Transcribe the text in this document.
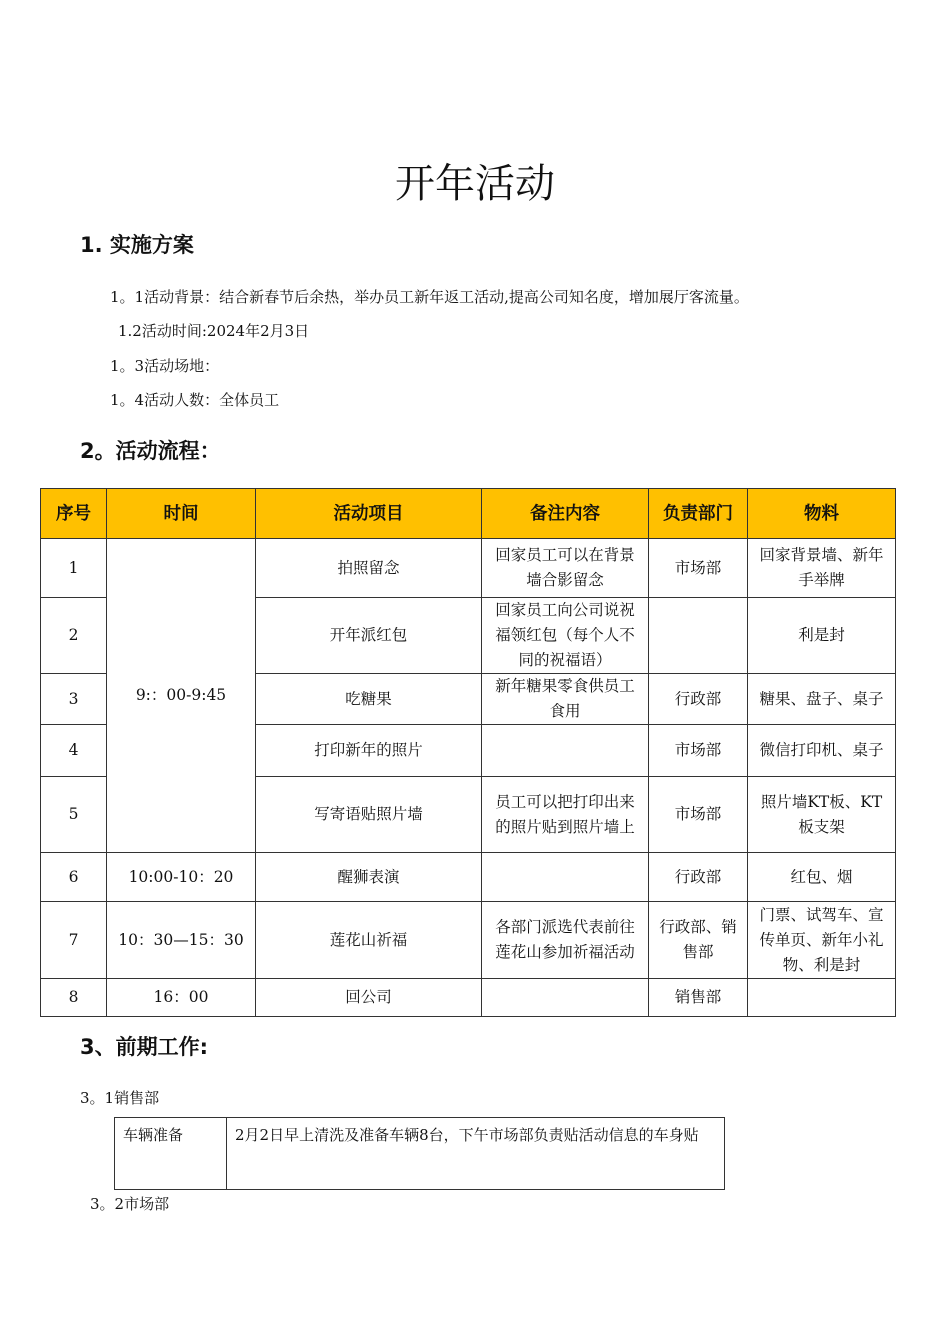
开年活动
1. 实施方案
1。1活动背景：结合新春节后余热，举办员工新年返工活动,提高公司知名度，增加展厅客流量。
1.2活动时间:2024年2月3日
1。3活动场地：
1。4活动人数：全体员工
2。活动流程：
序号	时间	活动项目	备注内容	负责部门	物料
1	9:：00-9:45	拍照留念	回家员工可以在背景墙合影留念	市场部	回家背景墙、新年手举牌
2		开年派红包	回家员工向公司说祝福领红包（每个人不同的祝福语）		利是封
3		吃糖果	新年糖果零食供员工食用	行政部	糖果、盘子、桌子
4		打印新年的照片		市场部	微信打印机、桌子
5		写寄语贴照片墙	员工可以把打印出来的照片贴到照片墙上	市场部	照片墙KT板、KT板支架
6	10:00-10：20	醒狮表演		行政部	红包、烟
7	10：30—15：30	莲花山祈福	各部门派选代表前往莲花山参加祈福活动	行政部、销售部	门票、试驾车、宣传单页、新年小礼物、利是封
8	16：00	回公司		销售部	
3、前期工作:
3。1销售部
车辆准备	2月2日早上清洗及准备车辆8台，下午市场部负责贴活动信息的车身贴
3。2市场部
